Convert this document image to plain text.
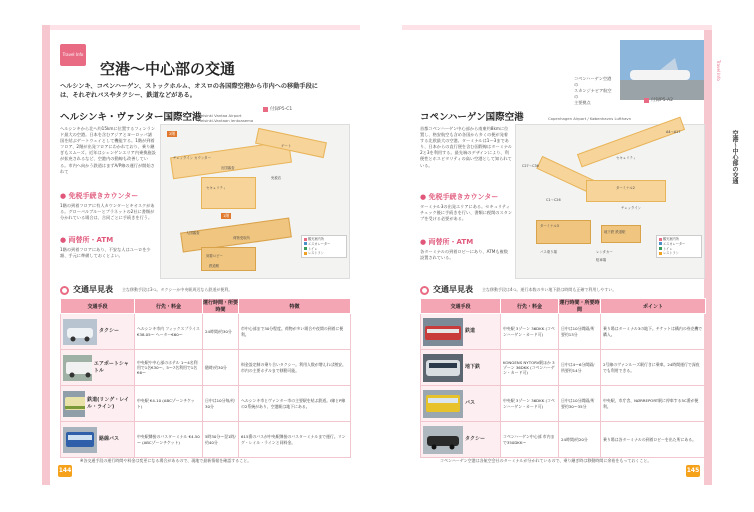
Travel Info
空港～中心部の交通
ヘルシンキ、コペンハーゲン、ストックホルム、オスロの各国際空港から市内への移動手段に
は、それぞれバスやタクシー、鉄道などがある。
ヘルシンキ・ヴァンター国際空港
Helsinki Vantaa Airport
Helsinki-Vantaan lentoasema
付録P5-C1
ヘルシンキから北へ約15kmに位置するフィンランド最大の空港。日本を含むアジアとヨーロッパ諸国を結ぶゲートウェイとして機能する。1階が到着フロア、2階が出発フロアにわかれており、乗り継ぎもスムーズ。近年はシェンゲンエリア内乗換施設が拡充されるなど、空港内の動線も改善している。市内へ向かう鉄道はまずA/P線の運行が開始されて
● 免税手続きカウンター
1階の到着フロアに有人カウンターとキオスクがある。グローバルブルーとプラネットの2社に書類が分かれている場合は、合同ごとに手続きを行う。
● 両替所・ATM
1階の到着フロアにあり、不安な人はユーロを少額、手元に準備しておくとよい。
2階
チェックイン カウンター
出国審査
セキュリティ
ゲート
免税店
1階
入国審査
荷物受取所
到着ロビー
鉄道駅
観光案内所
エスカレーター
トイレ
レストラン
交通早見表 主な移動手段は3つ。タクシーか中央駅周辺なら鉄道が便利。
交通手段	行先・料金	運行時間・所要時間	特徴

タクシー	ヘルシンキ市内 フィックスプライス €38.05～ ヘーター€60～	24時間/約30分	市中心部まで30分程度。荷物が多い場合や夜間の到着に便利。

エアポートシャトル	中央駅や中心部のホテル 1～4名利用で1名€30～、5～7名利用で1名€6～	随時/約30分	料金設定制の乗り合いタクシー。利用人数が増えれば割安。市内の主要ホテルまで移動可能。

鉄道(リング・レイル・ライン)	中央駅 €4.10 (ABCゾーンチケット)	日中は10分毎/約30分	ヘルシンキ市とヴァンター市の主要駅を結ぶ鉄道。I線とP線の2系統があり、空港駅は地下にある。

路線バス	中央駅隣接のバスターミナル €4.50～ (ABCゾーンチケット)	5時30分～翌1時/約40分	615番のバスが中央駅隣接のバスターミナルまで運行。リング・レイル・ラインと同料金。
※各交通手段の運行時間や料金は変更になる場合があるので、現地で最新情報を確認すること。
144
コペンハーゲン空港の
スカンジナビア航空の
主要拠点
コペンハーゲン国際空港	Copenhagen Airport / Københavns Lufthavn
付録P5-A2
首都コペンハーゲン中心部から南東約8kmに位置し、格安航空も含め各国から多くの便が発着する北欧最大の空港。ターミナルは1～3まであり、日本からの直行便を含む国際線はターミナル2と3を利用する。最先端のデザインにより、利便性とホスピタリティの高い空港として知られている。
● 免税手続きカウンター
ターミナル3の出発エリアにある。セキュリティチェック後に手続きを行い、書類に税関のスタンプを受ける必要がある。
● 両替所・ATM
各ターミナルの到着ロビーにあり、ATMも複数設置されている。
A4～A17
C27～C36
C1～C26
セキュリティ
ターミナル2
チェックイン
ターミナル3
地下鉄 鉄道駅
バス乗り場	レンタカー
駐車場
観光案内所
エスカレーター
トイレ
レストラン
交通早見表 主な移動手段は4つ。運行本数の多い地下鉄は時間も正確で利用しやすい。
交通手段	行先・料金	運行時間・所要時間	ポイント

鉄道	中央駅 3ゾーン 36DKK (コペンハーゲン・カード可)	日中は10分間隔/所要約13分	乗り場はターミナル3の地下。チケットは構内の券売機で購入。

地下鉄	KONGENS NYTORV駅ほか 3ゾーン 36DKK (コペンハーゲン・カード可)	日中は4～6分間隔/所要約14分	2号線のヴァンルーズ駅行きに乗車。24時間運行で深夜でも利用できる。

バス	中央駅 3ゾーン 36DKK (コペンハーゲン・カード可)	日中は10分間隔/所要約30～35分	中央駅、市庁舎、NØRREPORT駅に停車する5C番が便利。

タクシー	コペンハーゲン中心部 市内まで350DKK～	24時間/約20分	乗り場は各ターミナルの到着ロビーを出た所にある。
コペンハーゲン空港は各航空会社のターミナルが分かれているので、乗り継ぎ時は移動時間に余裕をもっておくこと。
145
Travel Info
空港～中心部の交通
